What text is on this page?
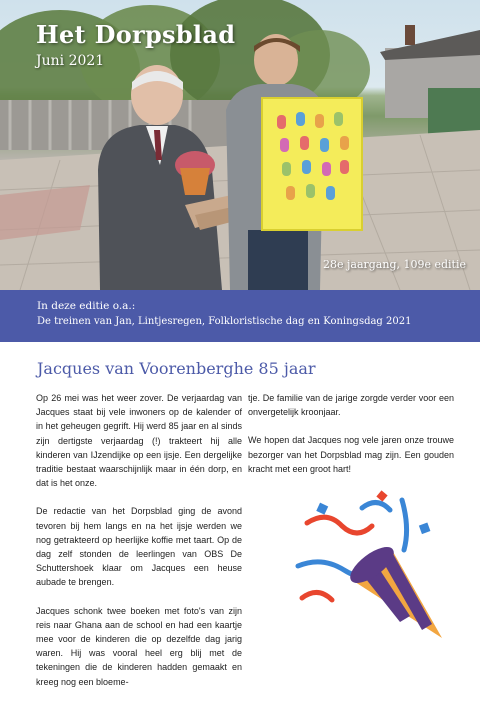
Het Dorpsblad
Juni 2021
28e jaargang, 109e editie
In deze editie o.a.:
De treinen van Jan, Lintjesregen, Folkloristische dag en Koningsdag 2021
Jacques van Voorenberghe 85 jaar

Op 26 mei was het weer zover. De verjaardag van Jacques staat bij vele inwoners op de kalender of in het geheugen gegrift. Hij werd 85 jaar en al sinds zijn dertigste verjaardag (!) trakteert hij alle kinderen van IJzendijke op een ijsje. Een dergelijke traditie bestaat waarschijnlijk maar in één dorp, en dat is het onze.

De redactie van het Dorpsblad ging de avond tevoren bij hem langs en na het ijsje werden we nog getrakteerd op heerlijke koffie met taart. Op de dag zelf stonden de leerlingen van OBS De Schuttershoek klaar om Jacques een heuse aubade te brengen.

Jacques schonk twee boeken met foto's van zijn reis naar Ghana aan de school en had een kaartje mee voor de kinderen die op dezelfde dag jarig waren. Hij was vooral heel erg blij met de tekeningen die de kinderen hadden gemaakt en kreeg nog een bloeme-

tje. De familie van de jarige zorgde verder voor een onvergetelijk kroonjaar.

We hopen dat Jacques nog vele jaren onze trouwe bezorger van het Dorpsblad mag zijn. Een gouden kracht met een groot hart!
